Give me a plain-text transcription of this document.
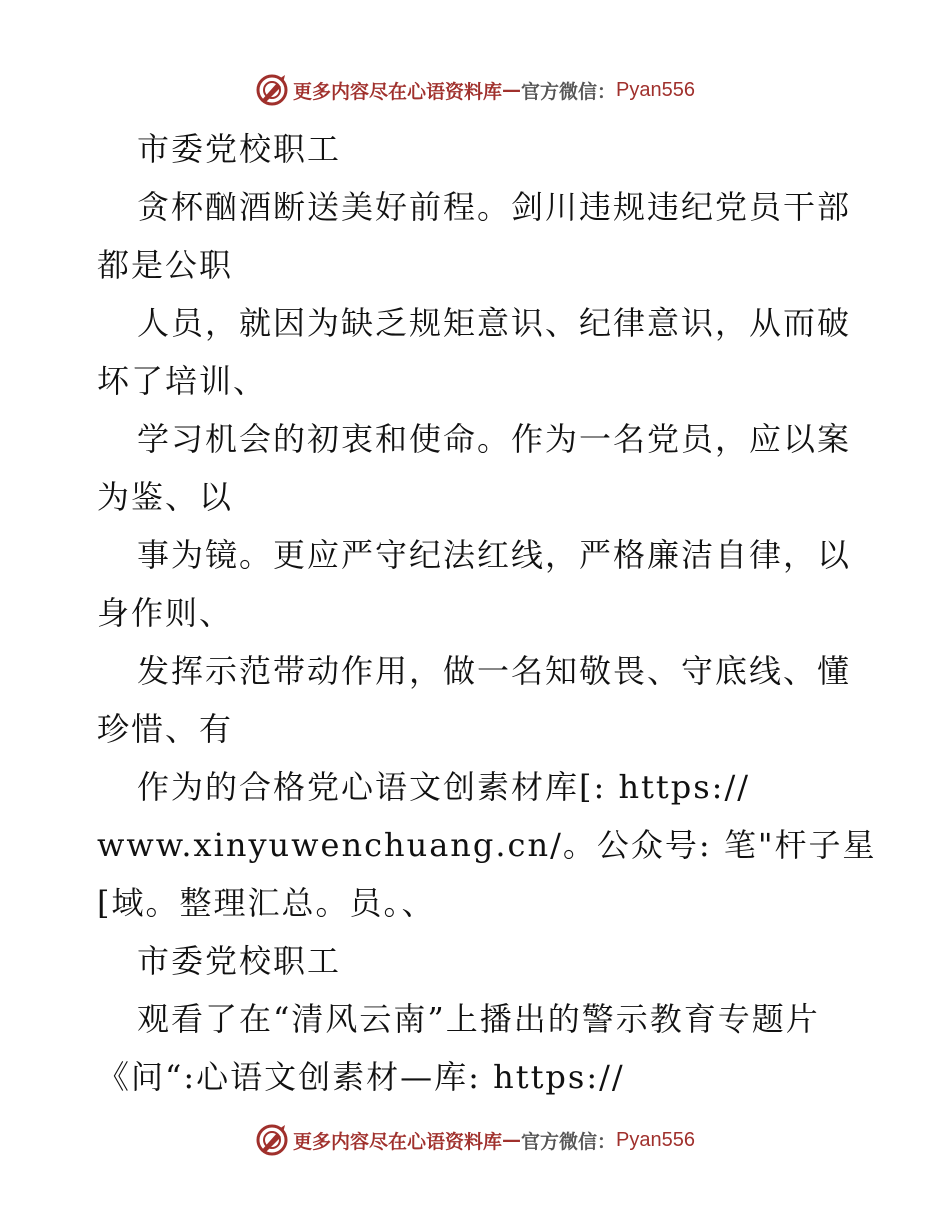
更多内容尽在心语资料库 — 官方微信： Pyan556
市委党校职工
贪杯酗酒断送美好前程。剑川违规违纪党员干部
都是公职
人员，就因为缺乏规矩意识、纪律意识，从而破
坏了培训、
学习机会的初衷和使命。作为一名党员，应以案
为鉴、以
事为镜。更应严守纪法红线，严格廉洁自律，以
身作则、
发挥示范带动作用，做一名知敬畏、守底线、懂
珍惜、有
作为的合格党心语文创素材库[: https://
www.xinyuwenchuang.cn/。公众号: 笔"杆子星
[域。整理汇总。员。、
市委党校职工
观看了在“清风云南”上播出的警示教育专题片
《问“:心语文创素材—库: https://
更多内容尽在心语资料库 — 官方微信： Pyan556
